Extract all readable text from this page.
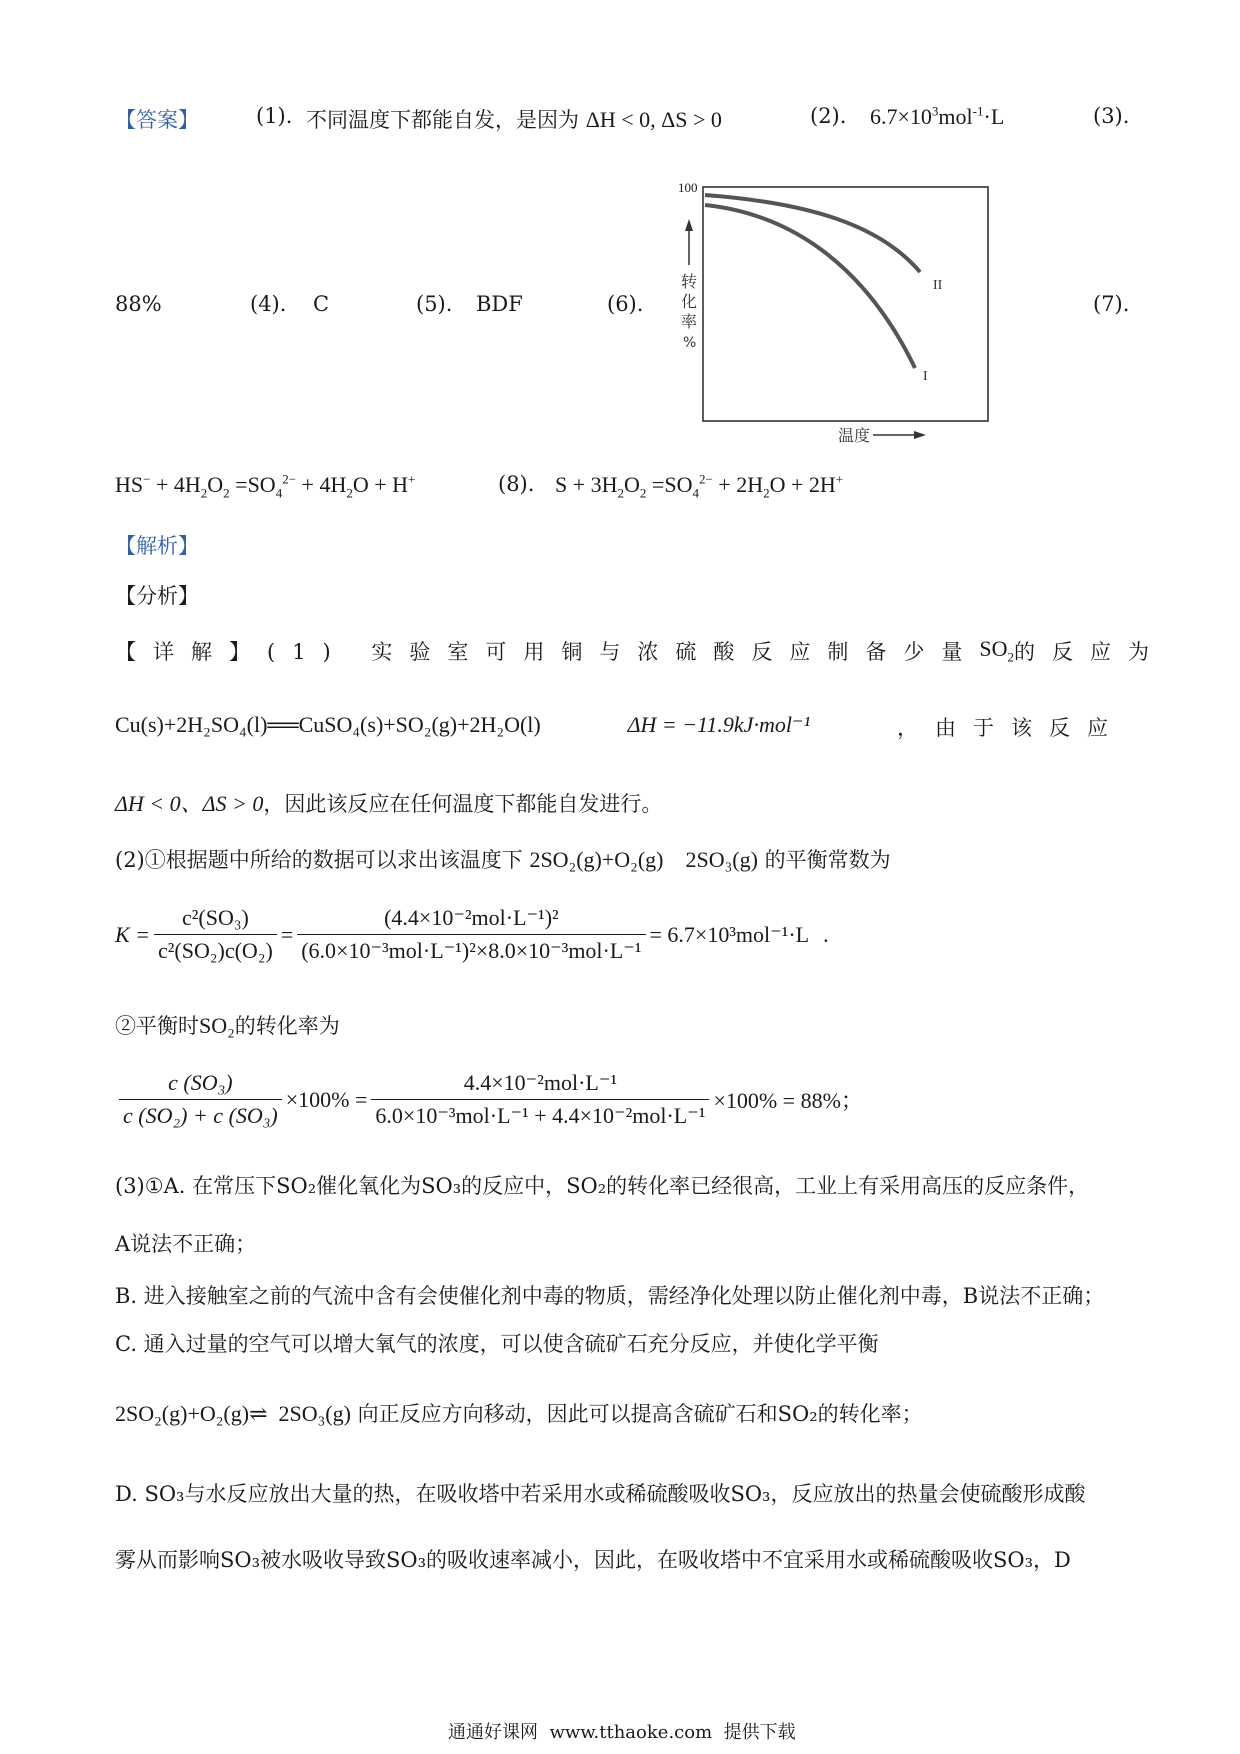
【答案】	(1). 不同温度下都能自发，是因为 ΔH < 0, ΔS > 0	(2). $6.7\times 10^3mol^{-1}\cdot L$	(3).
88%	(4). C	(5). BDF	(6).	(7).
100
转
化
率
%
II
I
温度
$HS^- + 4H_2O_2 =SO_4^{2-} + 4H_2O + H^+$	(8). $S + 3H_2O_2 =SO_4^{2-} + 2H_2O + 2H^+$
【解析】
【分析】
【详解】 (1) 实验室可用铜与浓硫酸反应制备少量 $SO_2$ 的反应为
Cu(s)+2H₂SO₄(l)══CuSO₄(s)+SO₂(g)+2H₂O(l)	ΔH = −11.9kJ·mol⁻¹	，由于该反应
ΔH < 0、ΔS > 0，因此该反应在任何温度下都能自发进行。
(2)①根据题中所给的数据可以求出该温度下 2SO₂(g)+O₂(g)    2SO₃(g) 的平衡常数为
$K = \frac{\text{c²(SO₃)}}{\text{c²(SO₂)c(O₂)}} = \frac{\text{(4.4×10⁻²mol·L⁻¹)²}}{\text{(6.0×10⁻³mol·L⁻¹)²×8.0×10⁻³mol·L⁻¹}} = 6.7\times 10^3mol^{-1}\cdot L$ .
②平衡时SO₂的转化率为
$\frac{\text{c (SO₃)}}{\text{c (SO₂) + c (SO₃)}} \times 100\% = \frac{\text{4.4×10⁻²mol·L⁻¹}}{\text{6.0×10⁻³mol·L⁻¹ + 4.4×10⁻²mol·L⁻¹}} \times 100\% = 88\%$；
(3)①A. 在常压下SO₂催化氧化为SO₃的反应中，SO₂的转化率已经很高，工业上有采用高压的反应条件，
A说法不正确；
B. 进入接触室之前的气流中含有会使催化剂中毒的物质，需经净化处理以防止催化剂中毒，B说法不正确；
C. 通入过量的空气可以增大氧气的浓度，可以使含硫矿石充分反应，并使化学平衡
2SO₂(g)+O₂(g)⇌  2SO₃(g) 向正反应方向移动，因此可以提高含硫矿石和SO₂的转化率；
D. SO₃与水反应放出大量的热，在吸收塔中若采用水或稀硫酸吸收SO₃，反应放出的热量会使硫酸形成酸
雾从而影响SO₃被水吸收导致SO₃的吸收速率减小，因此，在吸收塔中不宜采用水或稀硫酸吸收SO₃，D
通通好课网  www.tthaoke.com  提供下载
